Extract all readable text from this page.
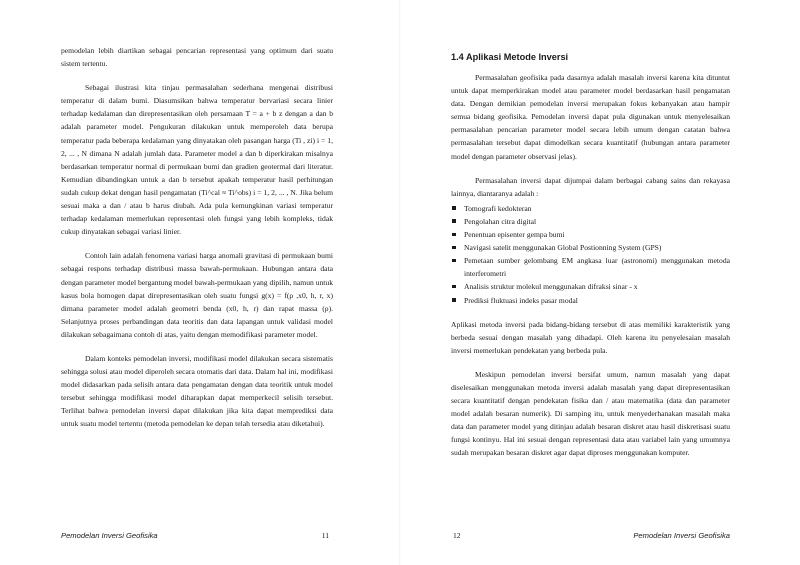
pemodelan lebih diartikan sebagai pencarian representasi yang optimum dari suatu sistem tertentu.

Sebagai ilustrasi kita tinjau permasalahan sederhana mengenai distribusi temperatur di dalam bumi. Diasumsikan bahwa temperatur bervariasi secara linier terhadap kedalaman dan direpresentasikan oleh persamaan T = a + b z dengan a dan b adalah parameter model. Pengukuran dilakukan untuk memperoleh data berupa temperatur pada beberapa kedalaman yang dinyatakan oleh pasangan harga (Ti , zi) i = 1, 2, ... , N dimana N adalah jumlah data. Parameter model a dan b diperkirakan misalnya berdasarkan temperatur normal di permukaan bumi dan gradien geotermal dari literatur. Kemudian dibandingkan untuk a dan b tersebut apakah temperatur hasil perhitungan sudah cukup dekat dengan hasil pengamatan (Ti^cal ≈ Ti^obs) i = 1, 2, ... , N. Jika belum sesuai maka a dan / atau b harus diubah. Ada pula kemungkinan variasi temperatur terhadap kedalaman memerlukan representasi oleh fungsi yang lebih kompleks, tidak cukup dinyatakan sebagai variasi linier.

Contoh lain adalah fenomena variasi harga anomali gravitasi di permukaan bumi sebagai respons terhadap distribusi massa bawah-permukaan. Hubungan antara data dengan parameter model bergantung model bawah-permukaan yang dipilih, namun untuk kasus bola homogen dapat direpresentasikan oleh suatu fungsi g(x) = f(ρ ,x0, h, r, x) dimana parameter model adalah geometri benda (x0, h, r) dan rapat massa (ρ). Selanjutnya proses perbandingan data teoritis dan data lapangan untuk validasi model dilakukan sebagaimana contoh di atas, yaitu dengan memodifikasi parameter model.

Dalam konteks pemodelan inversi, modifikasi model dilakukan secara sistematis sehingga solusi atau model diperoleh secara otomatis dari data. Dalam hal ini, modifikasi model didasarkan pada selisih antara data pengamatan dengan data teoritik untuk model tersebut sehingga modifikasi model diharapkan dapat memperkecil selisih tersebut. Terlihat bahwa pemodelan inversi dapat dilakukan jika kita dapat memprediksi data untuk suatu model tertentu (metoda pemodelan ke depan telah tersedia atau diketahui).

Pemodelan Inversi Geofisika	11
1.4 Aplikasi Metode Inversi

Permasalahan geofisika pada dasarnya adalah masalah inversi karena kita dituntut untuk dapat memperkirakan model atau parameter model berdasarkan hasil pengamatan data. Dengan demikian pemodelan inversi merupakan fokus kebanyakan atau hampir semua bidang geofisika. Pemodelan inversi dapat pula digunakan untuk menyelesaikan permasalahan pencarian parameter model secara lebih umum dengan catatan bahwa permasalahan tersebut dapat dimodelkan secara kuantitatif (hubungan antara parameter model dengan parameter observasi jelas).

Permasalahan inversi dapat dijumpai dalam berbagai cabang sains dan rekayasa lainnya, diantaranya adalah :

Tomografi kedokteran
Pengolahan citra digital
Penentuan episenter gempa bumi
Navigasi satelit menggunakan Global Postionning System (GPS)
Pemetaan sumber gelombang EM angkasa luar (astronomi) menggunakan metoda interferometri
Analisis struktur molekul menggunakan difraksi sinar - x
Prediksi fluktuasi indeks pasar modal

Aplikasi metoda inversi pada bidang-bidang tersebut di atas memiliki karakteristik yang berbeda sesuai dengan masalah yang dihadapi. Oleh karena itu penyelesaian masalah inversi memerlukan pendekatan yang berbeda pula.

Meskipun pemodelan inversi bersifat umum, namun masalah yang dapat diselesaikan menggunakan metoda inversi adalah masalah yang dapat direpresentasikan secara kuantitatif dengan pendekatan fisika dan / atau matematika (data dan parameter model adalah besaran numerik). Di samping itu, untuk menyederhanakan masalah maka data dan parameter model yang ditinjau adalah besaran diskret atau hasil diskretisasi suatu fungsi kontinyu. Hal ini sesuai dengan representasi data atau variabel lain yang umumnya sudah merupakan besaran diskret agar dapat diproses menggunakan komputer.

12	Pemodelan Inversi Geofisika
